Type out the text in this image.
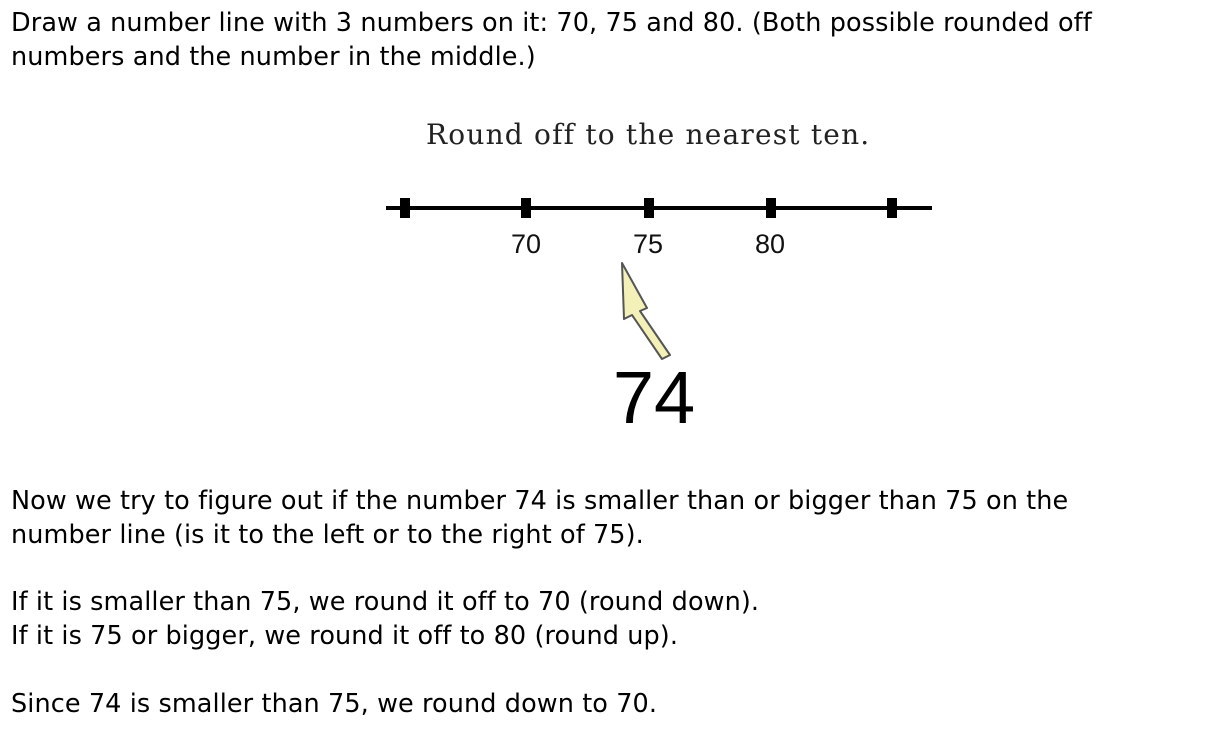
Draw a number line with 3 numbers on it: 70, 75 and 80. (Both possible rounded off
numbers and the number in the middle.)

Round off to the nearest ten.
70	75	80
74

Now we try to figure out if the number 74 is smaller than or bigger than 75 on the
number line (is it to the left or to the right of 75).

If it is smaller than 75, we round it off to 70 (round down).
If it is 75 or bigger, we round it off to 80 (round up).

Since 74 is smaller than 75, we round down to 70.
